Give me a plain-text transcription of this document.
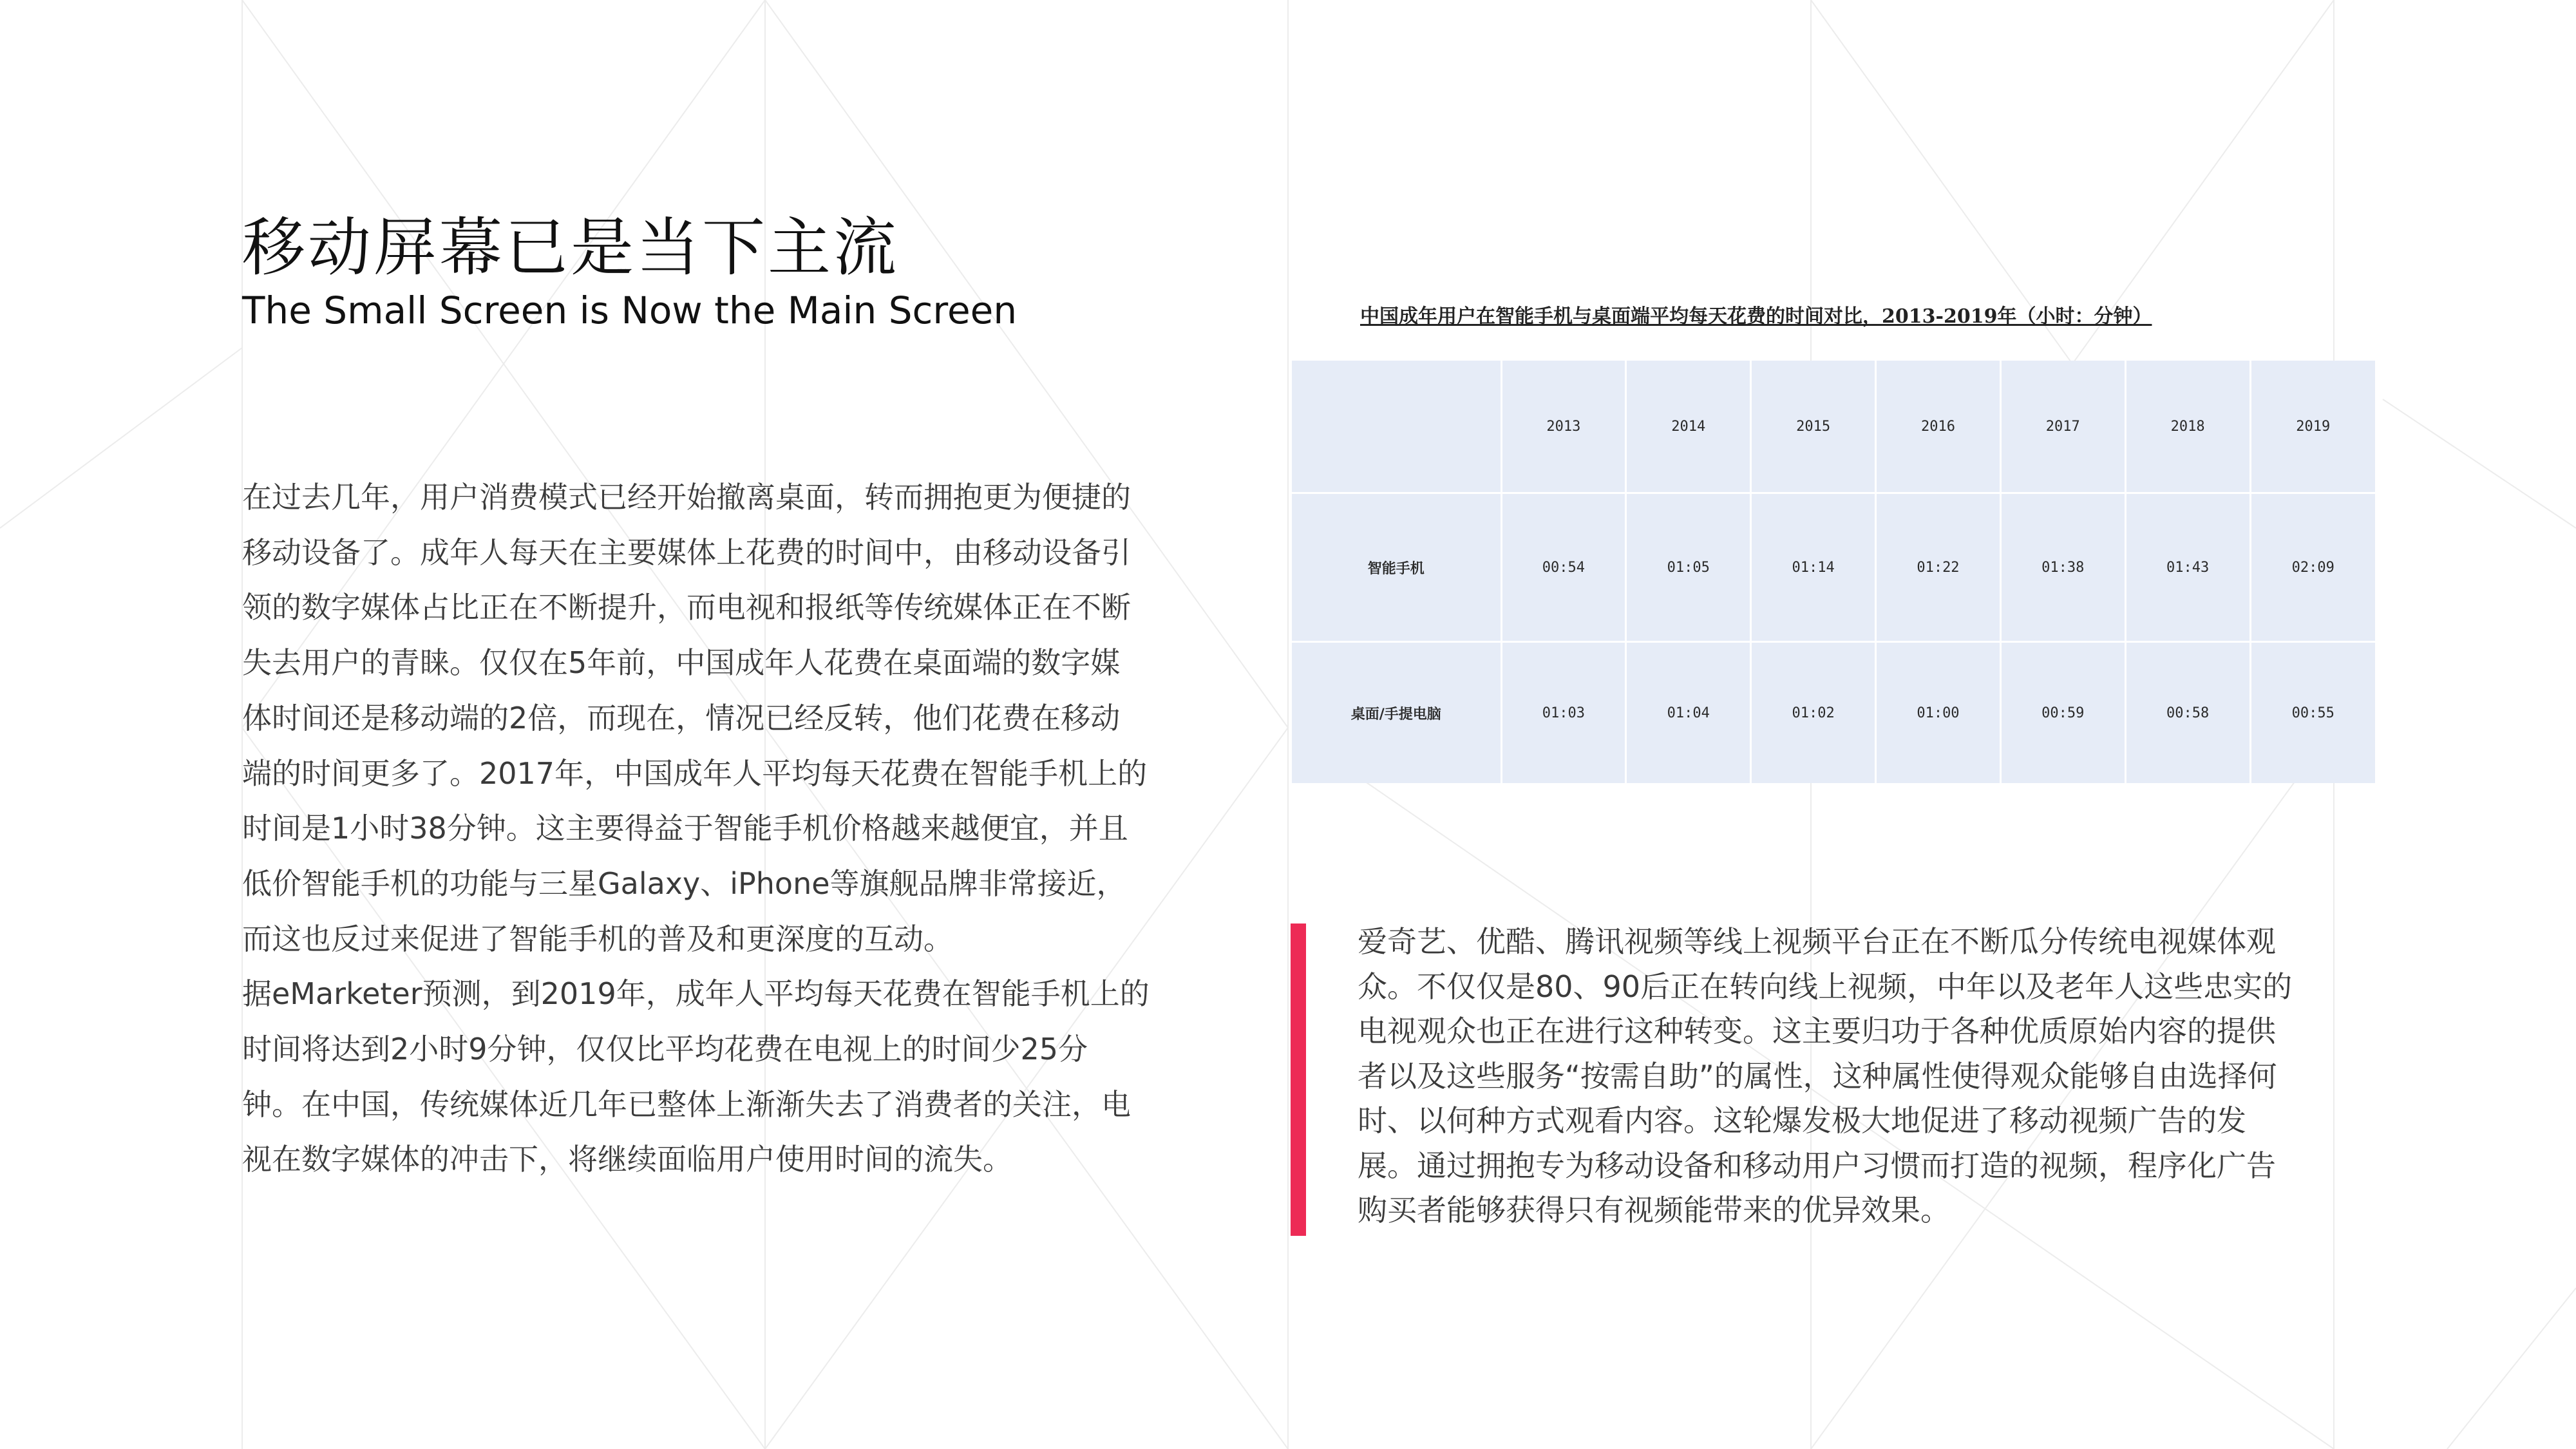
移动屏幕已是当下主流
The Small Screen is Now the Main Screen
在过去几年，用户消费模式已经开始撤离桌面，转而拥抱更为便捷的
移动设备了。成年人每天在主要媒体上花费的时间中，由移动设备引
领的数字媒体占比正在不断提升，而电视和报纸等传统媒体正在不断
失去用户的青睐。仅仅在5年前，中国成年人花费在桌面端的数字媒
体时间还是移动端的2倍，而现在，情况已经反转，他们花费在移动
端的时间更多了。2017年，中国成年人平均每天花费在智能手机上的
时间是1小时38分钟。这主要得益于智能手机价格越来越便宜，并且
低价智能手机的功能与三星Galaxy、iPhone等旗舰品牌非常接近，
而这也反过来促进了智能手机的普及和更深度的互动。
据eMarketer预测，到2019年，成年人平均每天花费在智能手机上的
时间将达到2小时9分钟，仅仅比平均花费在电视上的时间少25分
钟。在中国，传统媒体近几年已整体上渐渐失去了消费者的关注，电
视在数字媒体的冲击下，将继续面临用户使用时间的流失。

中国成年用户在智能手机与桌面端平均每天花费的时间对比，2013-2019年（小时：分钟）

	2013	2014	2015	2016	2017	2018	2019
智能手机	00:54	01:05	01:14	01:22	01:38	01:43	02:09
桌面/手提电脑	01:03	01:04	01:02	01:00	00:59	00:58	00:55
爱奇艺、优酷、腾讯视频等线上视频平台正在不断瓜分传统电视媒体观
众。不仅仅是80、90后正在转向线上视频，中年以及老年人这些忠实的
电视观众也正在进行这种转变。这主要归功于各种优质原始内容的提供
者以及这些服务“按需自助”的属性，这种属性使得观众能够自由选择何
时、以何种方式观看内容。这轮爆发极大地促进了移动视频广告的发
展。通过拥抱专为移动设备和移动用户习惯而打造的视频，程序化广告
购买者能够获得只有视频能带来的优异效果。
